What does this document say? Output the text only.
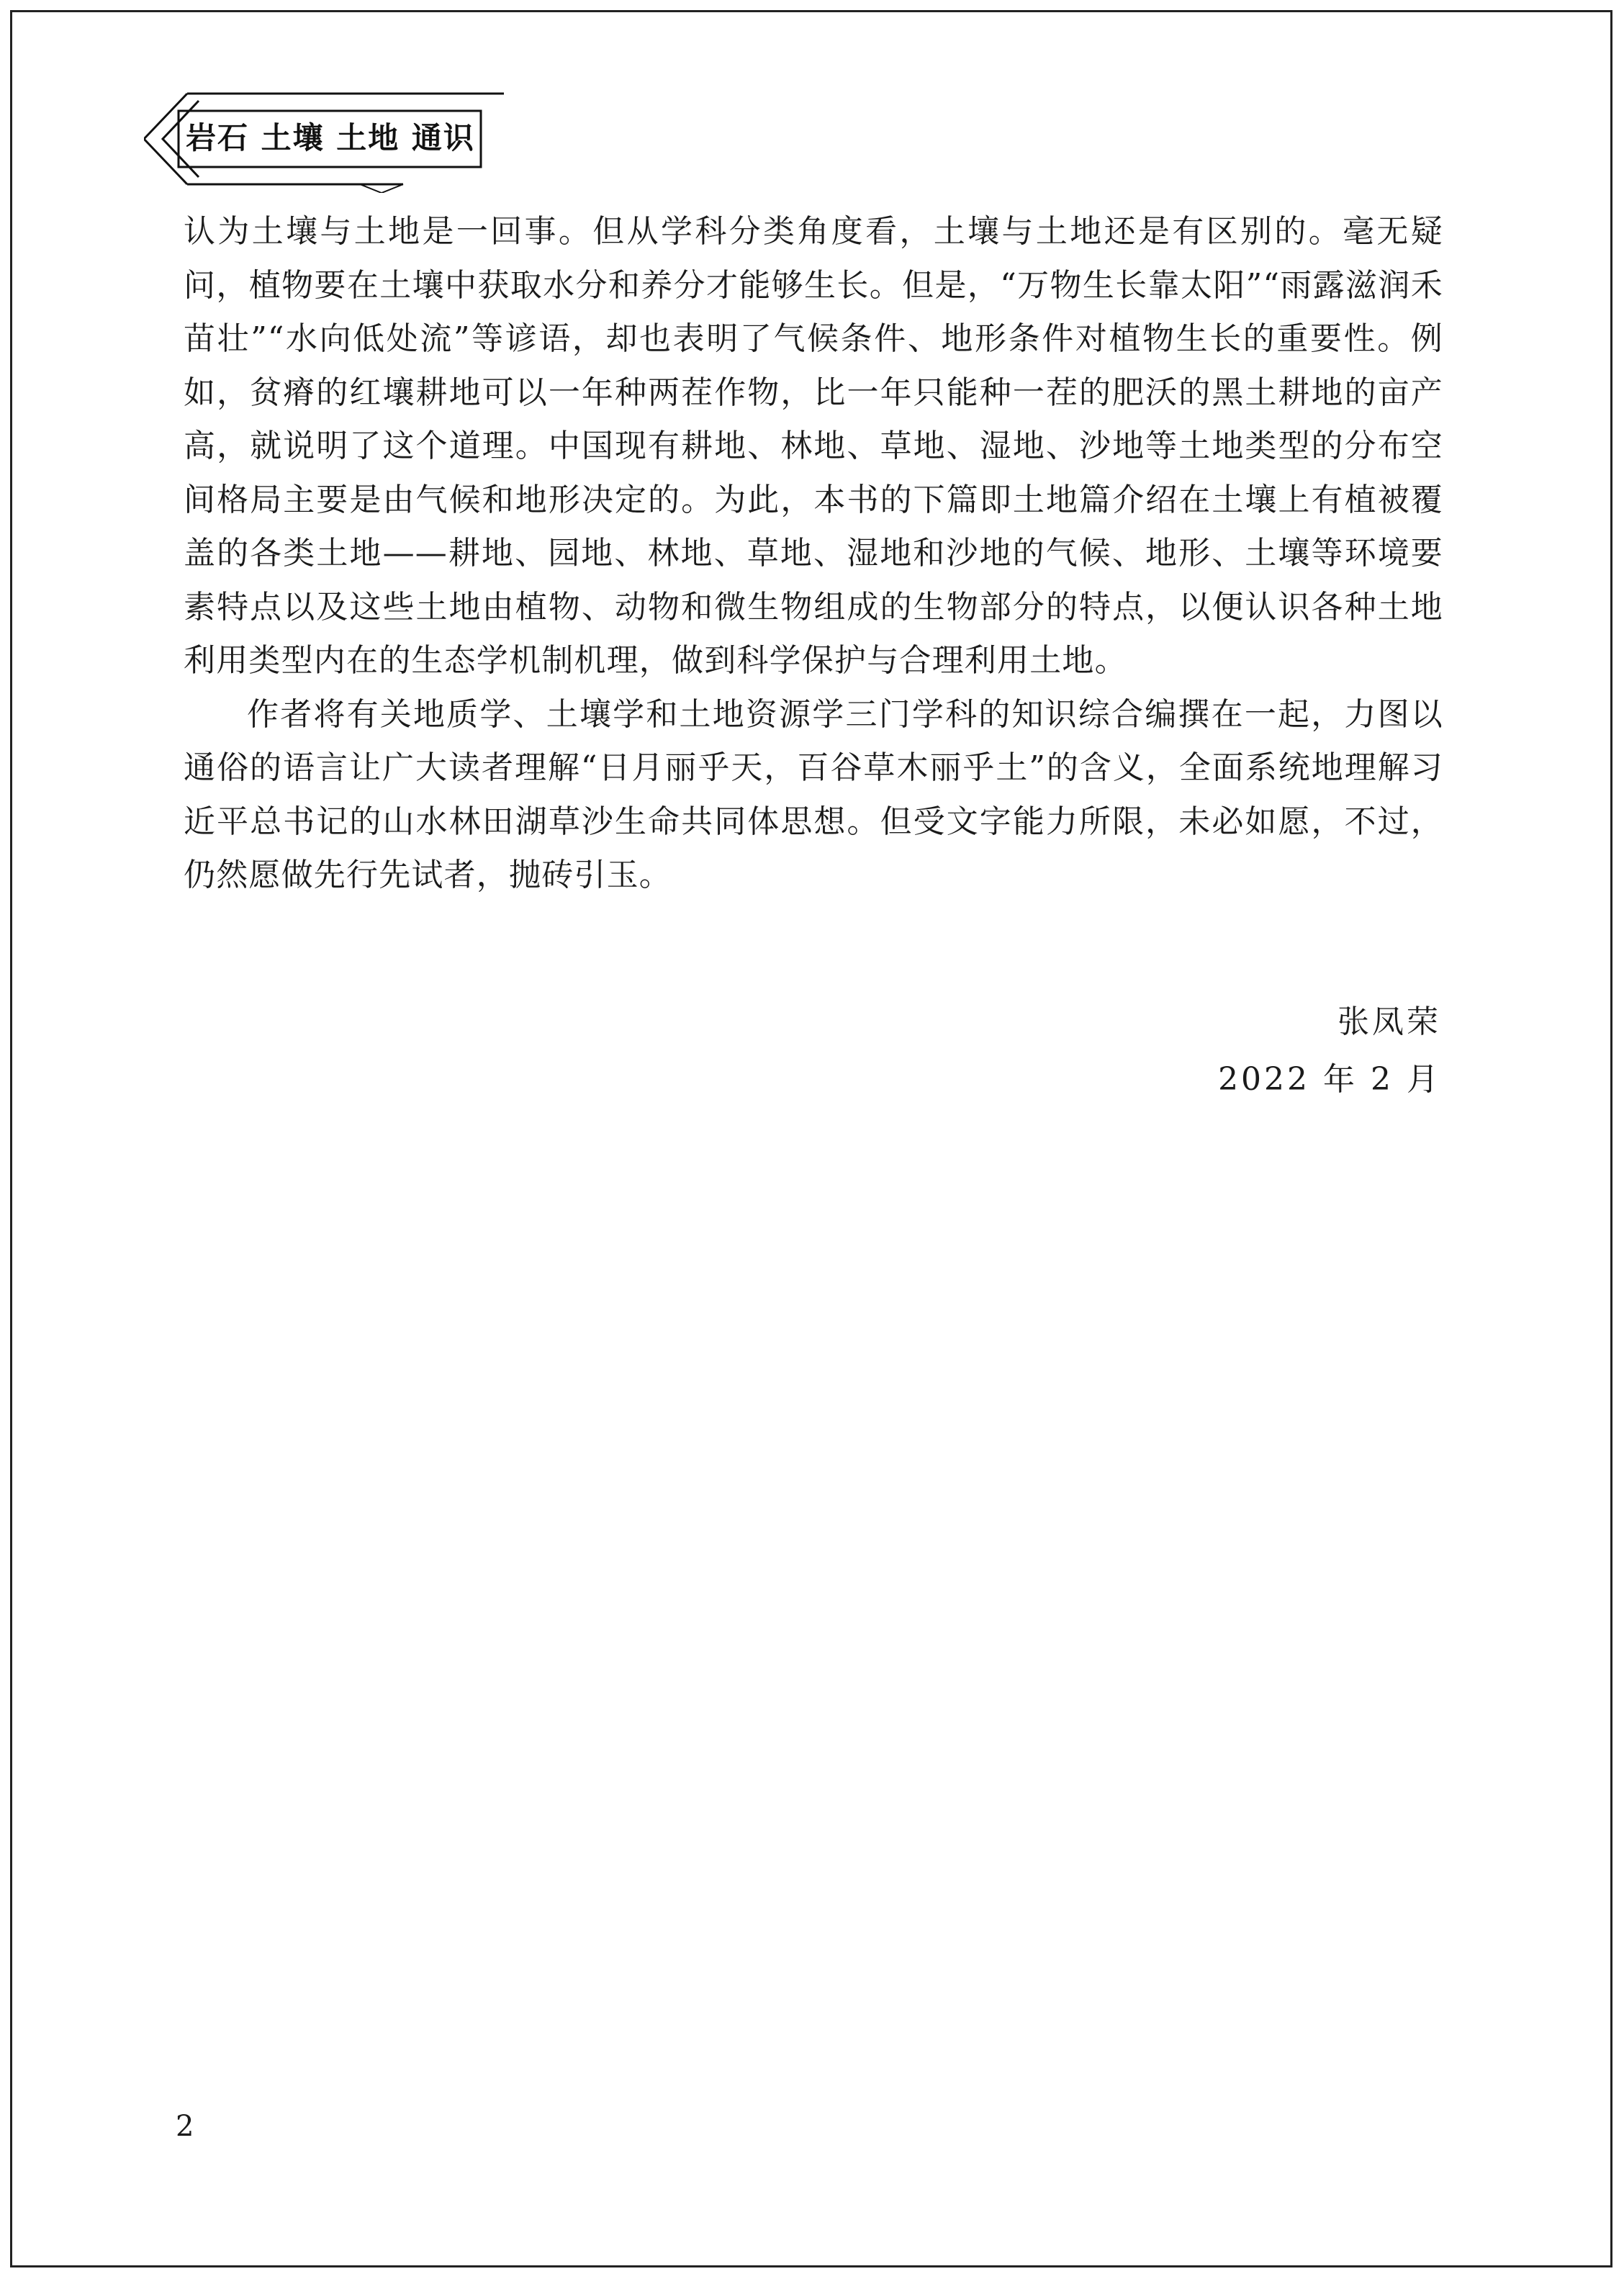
岩石 土壤 土地 通识

认为土壤与土地是一回事。但从学科分类角度看，土壤与土地还是有区别的。毫无疑问，植物要在土壤中获取水分和养分才能够生长。但是，“万物生长靠太阳”“雨露滋润禾苗壮”“水向低处流”等谚语，却也表明了气候条件、地形条件对植物生长的重要性。例如，贫瘠的红壤耕地可以一年种两茬作物，比一年只能种一茬的肥沃的黑土耕地的亩产高，就说明了这个道理。中国现有耕地、林地、草地、湿地、沙地等土地类型的分布空间格局主要是由气候和地形决定的。为此，本书的下篇即土地篇介绍在土壤上有植被覆盖的各类土地——耕地、园地、林地、草地、湿地和沙地的气候、地形、土壤等环境要素特点以及这些土地由植物、动物和微生物组成的生物部分的特点，以便认识各种土地利用类型内在的生态学机制机理，做到科学保护与合理利用土地。

作者将有关地质学、土壤学和土地资源学三门学科的知识综合编撰在一起，力图以通俗的语言让广大读者理解“日月丽乎天，百谷草木丽乎土”的含义，全面系统地理解习近平总书记的山水林田湖草沙生命共同体思想。但受文字能力所限，未必如愿，不过，仍然愿做先行先试者，抛砖引玉。

张凤荣
2022 年 2 月
2
